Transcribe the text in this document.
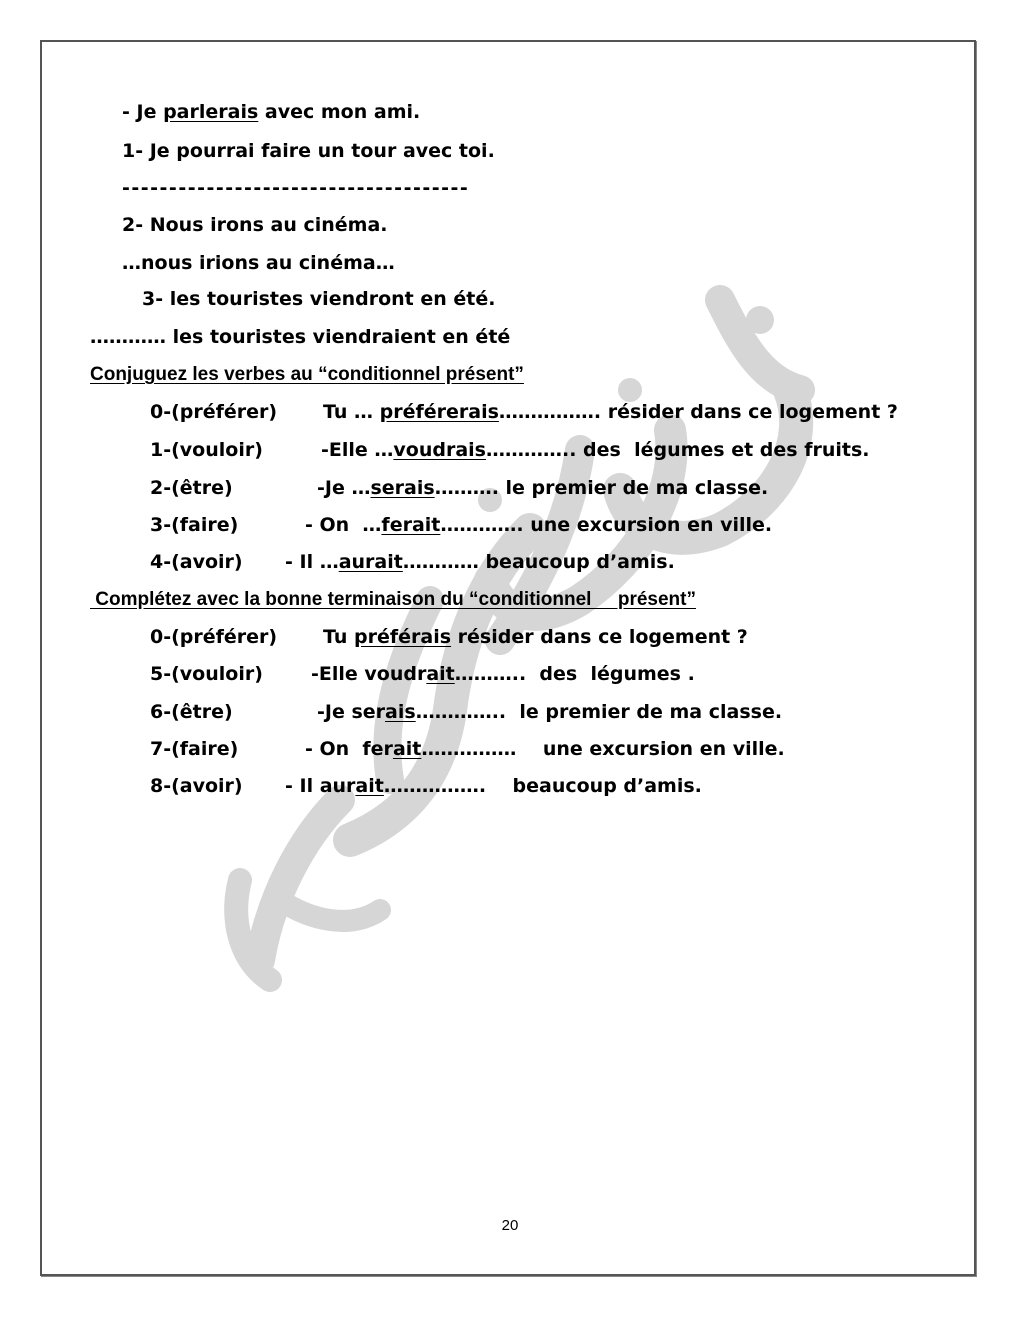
- Je parlerais avec mon ami.
1- Je pourrai faire un tour avec toi.
-------------------------------------
2- Nous irons au cinéma.
…nous irions au cinéma…
3- les touristes viendront en été.
………… les touristes viendraient en été
Conjuguez les verbes au “conditionnel présent”
0-(préférer) Tu … préférerais……………. résider dans ce logement ?
1-(vouloir)	-Elle …voudrais………….. des  légumes et des fruits.
2-(être)	-Je …serais………. le premier de ma classe.
3-(faire)	- On  …ferait…………. une excursion en ville.
4-(avoir) - Il …aurait………… beaucoup d’amis.
Complétez avec la bonne terminaison du “conditionnel     présent”
0-(préférer) Tu préférais résider dans ce logement ?
5-(vouloir)	-Elle voudrait………..  des  légumes .
6-(être)	-Je serais…………..  le premier de ma classe.
7-(faire)	- On  ferait……………    une excursion en ville.
8-(avoir) - Il aurait…………….    beaucoup d’amis.
20
